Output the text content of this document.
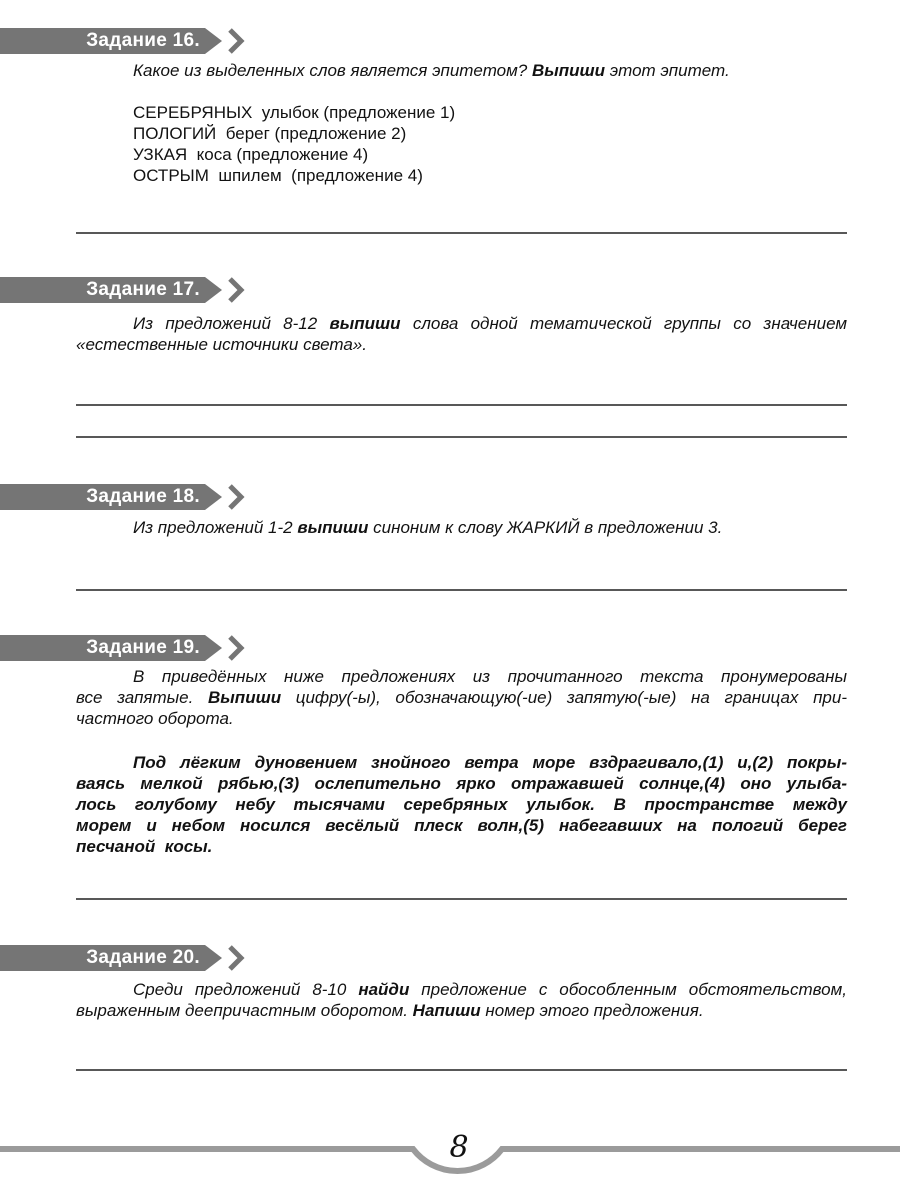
Задание 16.
Какое из выделенных слов является эпитетом? Выпиши этот эпитет.
СЕРЕБРЯНЫХ  улыбок (предложение 1)
ПОЛОГИЙ  берег (предложение 2)
УЗКАЯ  коса (предложение 4)
ОСТРЫМ  шпилем  (предложение 4)
Задание 17.
Из предложений 8-12 выпиши слова одной тематической группы со значением
«естественные источники света».
Задание 18.
Из предложений 1-2 выпиши синоним к слову ЖАРКИЙ в предложении 3.
Задание 19.
В приведённых ниже предложениях из прочитанного текста пронумерованы
все запятые. Выпиши цифру(-ы), обозначающую(-ие) запятую(-ые) на границах при-
частного оборота.
Под лёгким дуновением знойного ветра море вздрагивало,(1) и,(2) покры-
ваясь мелкой рябью,(3) ослепительно ярко отражавшей солнце,(4) оно улыба-
лось голубому небу тысячами серебряных улыбок. В пространстве между
морем и небом носился весёлый плеск волн,(5) набегавших на пологий берег
песчаной  косы.
Задание 20.
Среди предложений 8-10 найди предложение с обособленным обстоятельством,
выраженным деепричастным оборотом. Напиши номер этого предложения.
8
